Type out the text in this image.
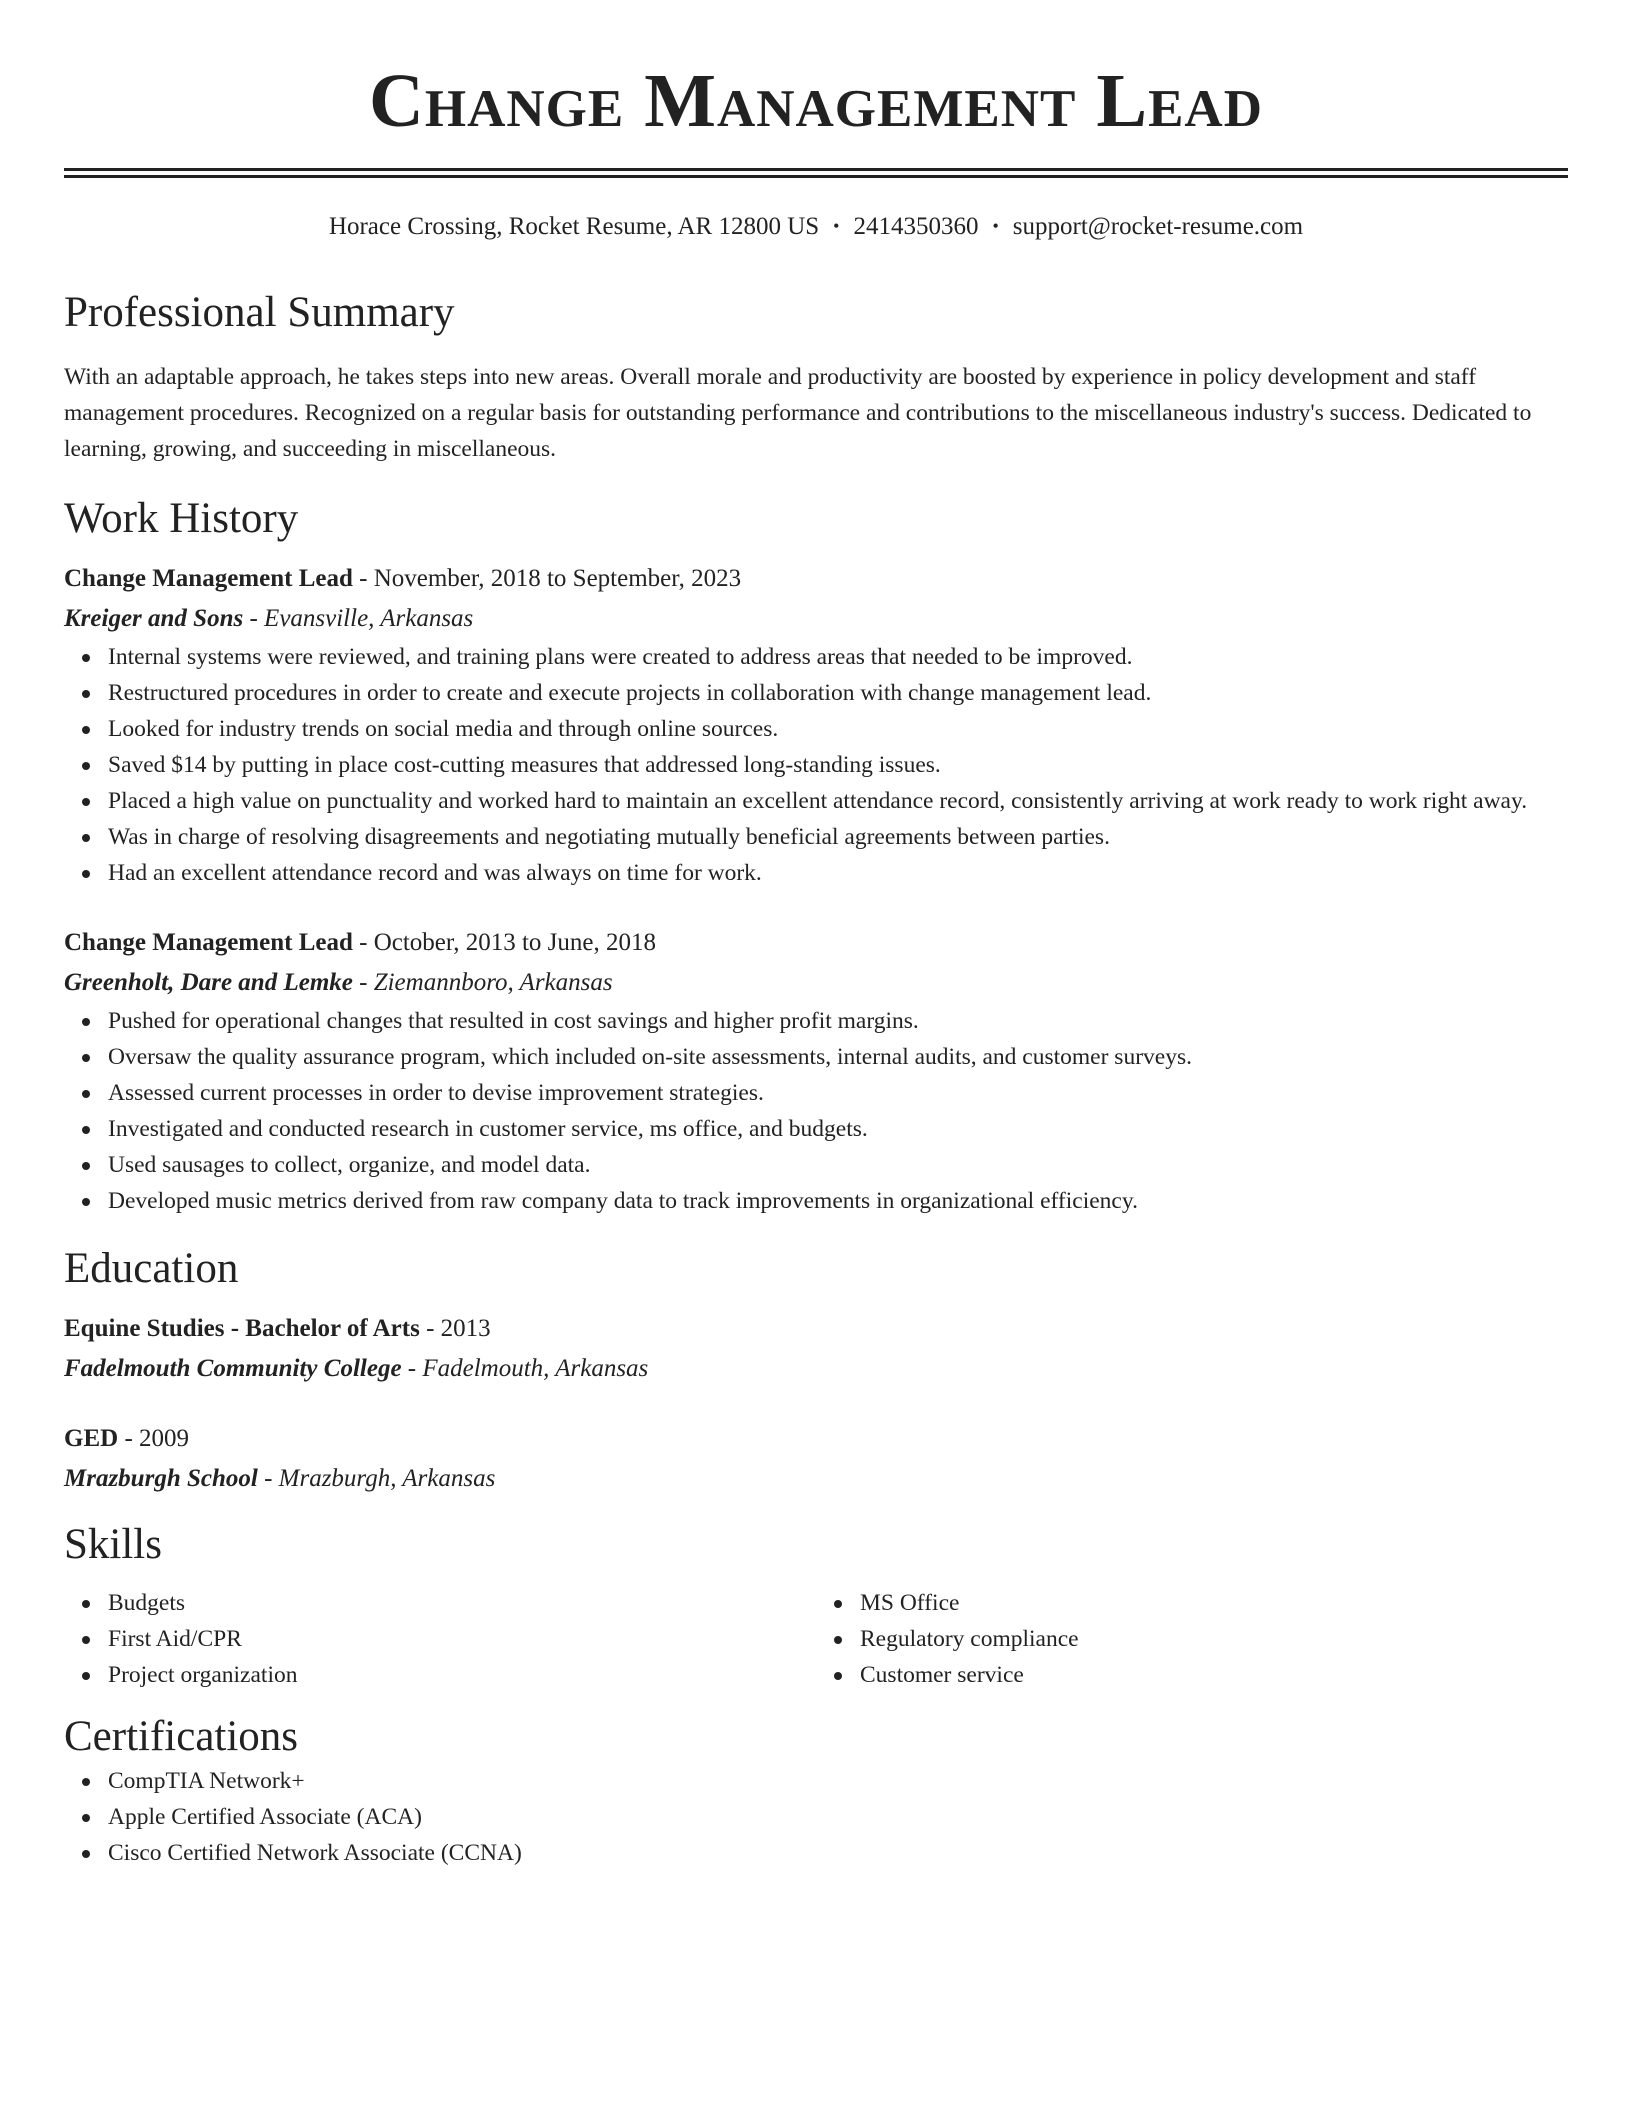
Change Management Lead
Horace Crossing, Rocket Resume, AR 12800 US • 2414350360 • support@rocket-resume.com
Professional Summary

With an adaptable approach, he takes steps into new areas. Overall morale and productivity are boosted by experience in policy development and staff management procedures. Recognized on a regular basis for outstanding performance and contributions to the miscellaneous industry's success. Dedicated to learning, growing, and succeeding in miscellaneous.

Work History
Change Management Lead - November, 2018 to September, 2023
Kreiger and Sons - Evansville, Arkansas
Internal systems were reviewed, and training plans were created to address areas that needed to be improved.
Restructured procedures in order to create and execute projects in collaboration with change management lead.
Looked for industry trends on social media and through online sources.
Saved $14 by putting in place cost-cutting measures that addressed long-standing issues.
Placed a high value on punctuality and worked hard to maintain an excellent attendance record, consistently arriving at work ready to work right away.
Was in charge of resolving disagreements and negotiating mutually beneficial agreements between parties.
Had an excellent attendance record and was always on time for work.
Change Management Lead - October, 2013 to June, 2018
Greenholt, Dare and Lemke - Ziemannboro, Arkansas
Pushed for operational changes that resulted in cost savings and higher profit margins.
Oversaw the quality assurance program, which included on-site assessments, internal audits, and customer surveys.
Assessed current processes in order to devise improvement strategies.
Investigated and conducted research in customer service, ms office, and budgets.
Used sausages to collect, organize, and model data.
Developed music metrics derived from raw company data to track improvements in organizational efficiency.
Education
Equine Studies - Bachelor of Arts - 2013
Fadelmouth Community College - Fadelmouth, Arkansas
GED - 2009
Mrazburgh School - Mrazburgh, Arkansas
Skills
Budgets
First Aid/CPR
Project organization
MS Office
Regulatory compliance
Customer service
Certifications
CompTIA Network+
Apple Certified Associate (ACA)
Cisco Certified Network Associate (CCNA)
